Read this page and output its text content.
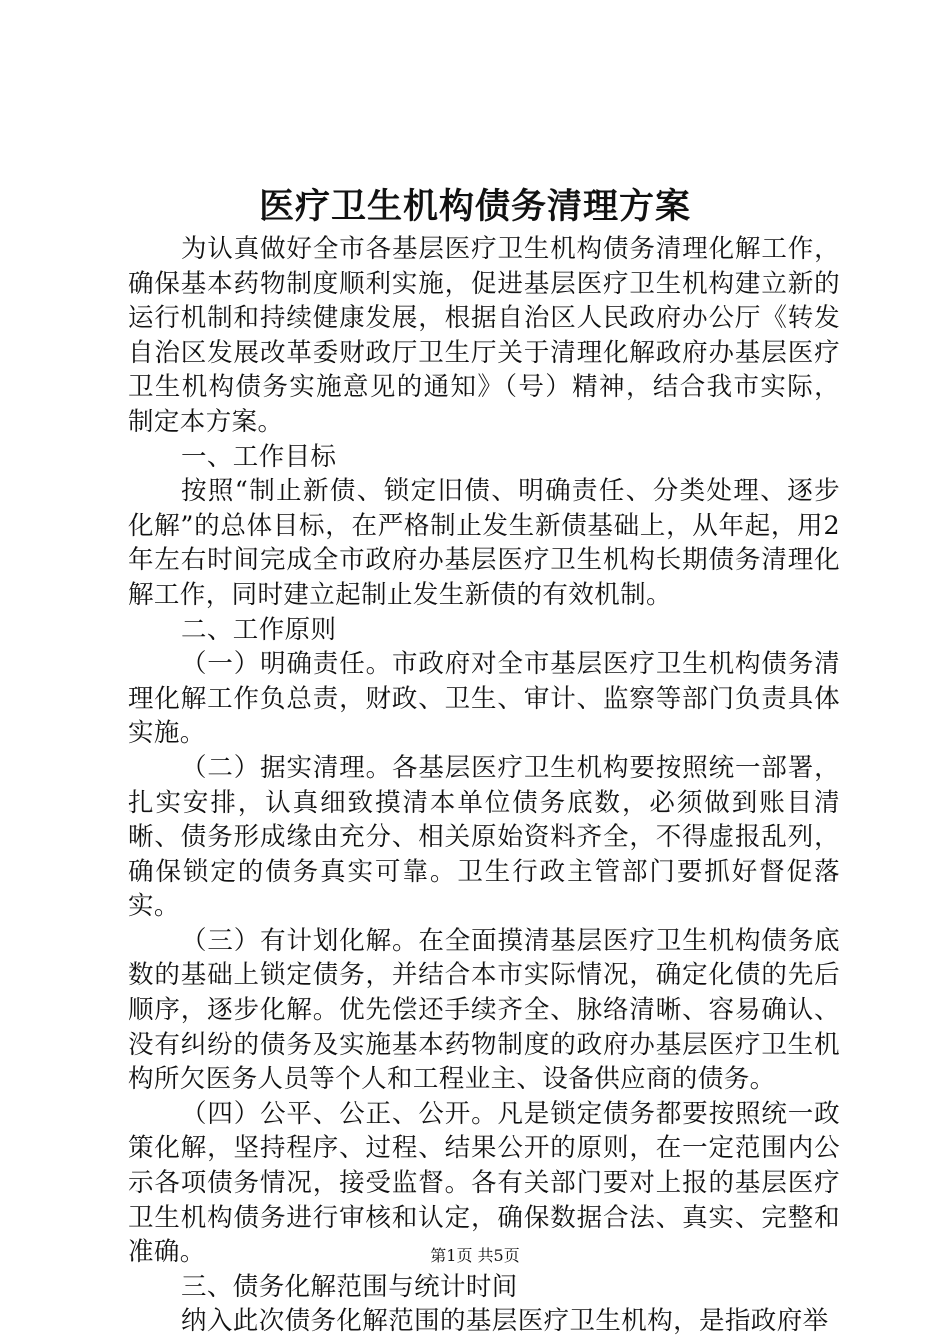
医疗卫生机构债务清理方案

为认真做好全市各基层医疗卫生机构债务清理化解工作，确保基本药物制度顺利实施，促进基层医疗卫生机构建立新的运行机制和持续健康发展，根据自治区人民政府办公厅《转发自治区发展改革委财政厅卫生厅关于清理化解政府办基层医疗卫生机构债务实施意见的通知》（号）精神，结合我市实际，制定本方案。

一、工作目标

按照“制止新债、锁定旧债、明确责任、分类处理、逐步化解”的总体目标，在严格制止发生新债基础上，从年起，用2年左右时间完成全市政府办基层医疗卫生机构长期债务清理化解工作，同时建立起制止发生新债的有效机制。

二、工作原则

（一）明确责任。市政府对全市基层医疗卫生机构债务清理化解工作负总责，财政、卫生、审计、监察等部门负责具体实施。

（二）据实清理。各基层医疗卫生机构要按照统一部署，扎实安排，认真细致摸清本单位债务底数，必须做到账目清晰、债务形成缘由充分、相关原始资料齐全，不得虚报乱列，确保锁定的债务真实可靠。卫生行政主管部门要抓好督促落实。

（三）有计划化解。在全面摸清基层医疗卫生机构债务底数的基础上锁定债务，并结合本市实际情况，确定化债的先后顺序，逐步化解。优先偿还手续齐全、脉络清晰、容易确认、没有纠纷的债务及实施基本药物制度的政府办基层医疗卫生机构所欠医务人员等个人和工程业主、设备供应商的债务。

（四）公平、公正、公开。凡是锁定债务都要按照统一政策化解，坚持程序、过程、结果公开的原则，在一定范围内公示各项债务情况，接受监督。各有关部门要对上报的基层医疗卫生机构债务进行审核和认定，确保数据合法、真实、完整和准确。

三、债务化解范围与统计时间

纳入此次债务化解范围的基层医疗卫生机构，是指政府举

第1页 共5页
